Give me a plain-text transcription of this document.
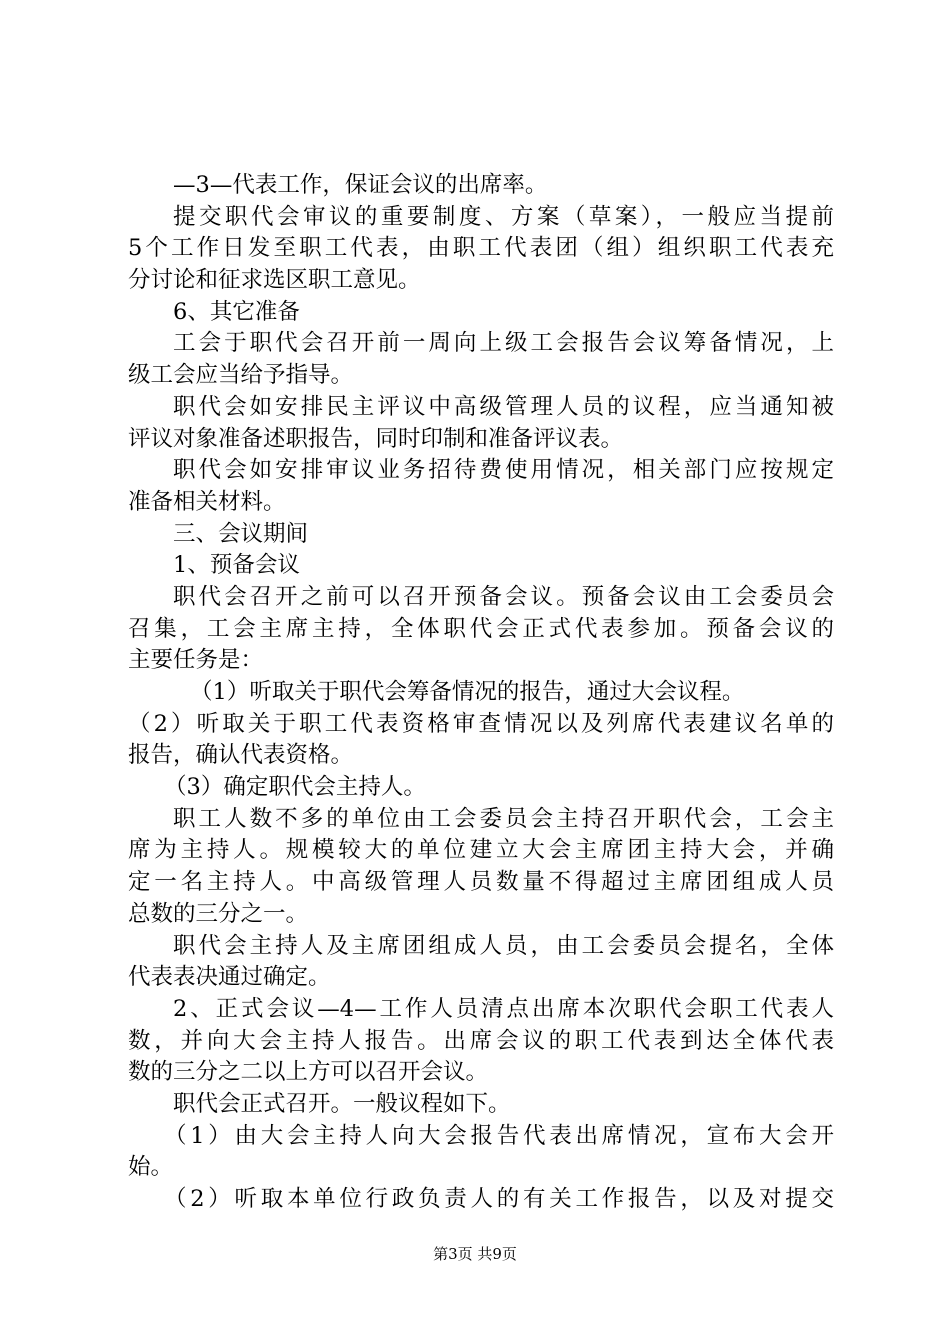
—3—代表工作，保证会议的出席率。
提交职代会审议的重要制度、方案（草案），一般应当提前
5个工作日发至职工代表，由职工代表团（组）组织职工代表充
分讨论和征求选区职工意见。
6、其它准备
工会于职代会召开前一周向上级工会报告会议筹备情况，上
级工会应当给予指导。
职代会如安排民主评议中高级管理人员的议程，应当通知被
评议对象准备述职报告，同时印制和准备评议表。
职代会如安排审议业务招待费使用情况，相关部门应按规定
准备相关材料。
三、会议期间
1、预备会议
职代会召开之前可以召开预备会议。预备会议由工会委员会
召集，工会主席主持，全体职代会正式代表参加。预备会议的
主要任务是：
（1）听取关于职代会筹备情况的报告，通过大会议程。
（2）听取关于职工代表资格审查情况以及列席代表建议名单的
报告，确认代表资格。
（3）确定职代会主持人。
职工人数不多的单位由工会委员会主持召开职代会，工会主
席为主持人。规模较大的单位建立大会主席团主持大会，并确
定一名主持人。中高级管理人员数量不得超过主席团组成人员
总数的三分之一。
职代会主持人及主席团组成人员，由工会委员会提名，全体
代表表决通过确定。
2、正式会议—4—工作人员清点出席本次职代会职工代表人
数，并向大会主持人报告。出席会议的职工代表到达全体代表
数的三分之二以上方可以召开会议。
职代会正式召开。一般议程如下。
（1）由大会主持人向大会报告代表出席情况，宣布大会开
始。
（2）听取本单位行政负责人的有关工作报告，以及对提交
第3页 共9页
